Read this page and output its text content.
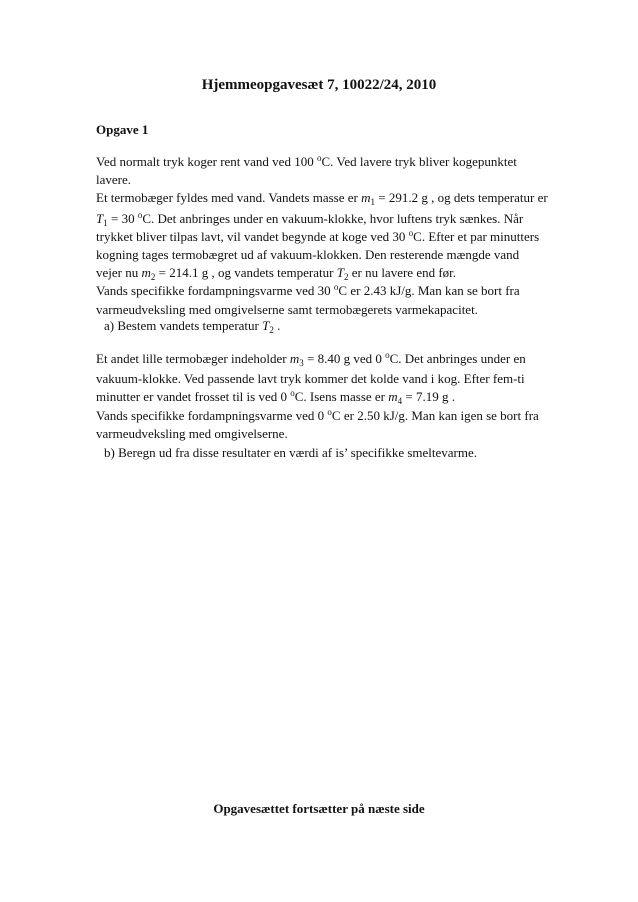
Hjemmeopgavesæt 7, 10022/24, 2010
Opgave 1

Ved normalt tryk koger rent vand ved 100 $^o$C. Ved lavere tryk bliver kogepunktet

lavere.

Et termobæger fyldes med vand. Vandets masse er $m_1 = 291.2$ g , og dets temperatur er

$T_1 = 30$ $^o$C. Det anbringes under en vakuum-klokke, hvor luftens tryk sænkes. Når

trykket bliver tilpas lavt, vil vandet begynde at koge ved 30 $^o$C. Efter et par minutters

kogning tages termobægret ud af vakuum-klokken. Den resterende mængde vand

vejer nu $m_2 = 214.1$ g , og vandets temperatur $T_2$ er nu lavere end før.

Vands specifikke fordampningsvarme ved 30 $^o$C er 2.43 kJ/g. Man kan se bort fra

varmeudveksling med omgivelserne samt termobægerets varmekapacitet.

a) Bestem vandets temperatur $T_2$ .

Et andet lille termobæger indeholder $m_3 = 8.40$ g ved 0 $^o$C. Det anbringes under en

vakuum-klokke. Ved passende lavt tryk kommer det kolde vand i kog. Efter fem-ti

minutter er vandet frosset til is ved 0 $^o$C. Isens masse er $m_4 = 7.19$ g .

Vands specifikke fordampningsvarme ved 0 $^o$C er 2.50 kJ/g. Man kan igen se bort fra

varmeudveksling med omgivelserne.

b) Beregn ud fra disse resultater en værdi af is’ specifikke smeltevarme.
Opgavesættet fortsætter på næste side
